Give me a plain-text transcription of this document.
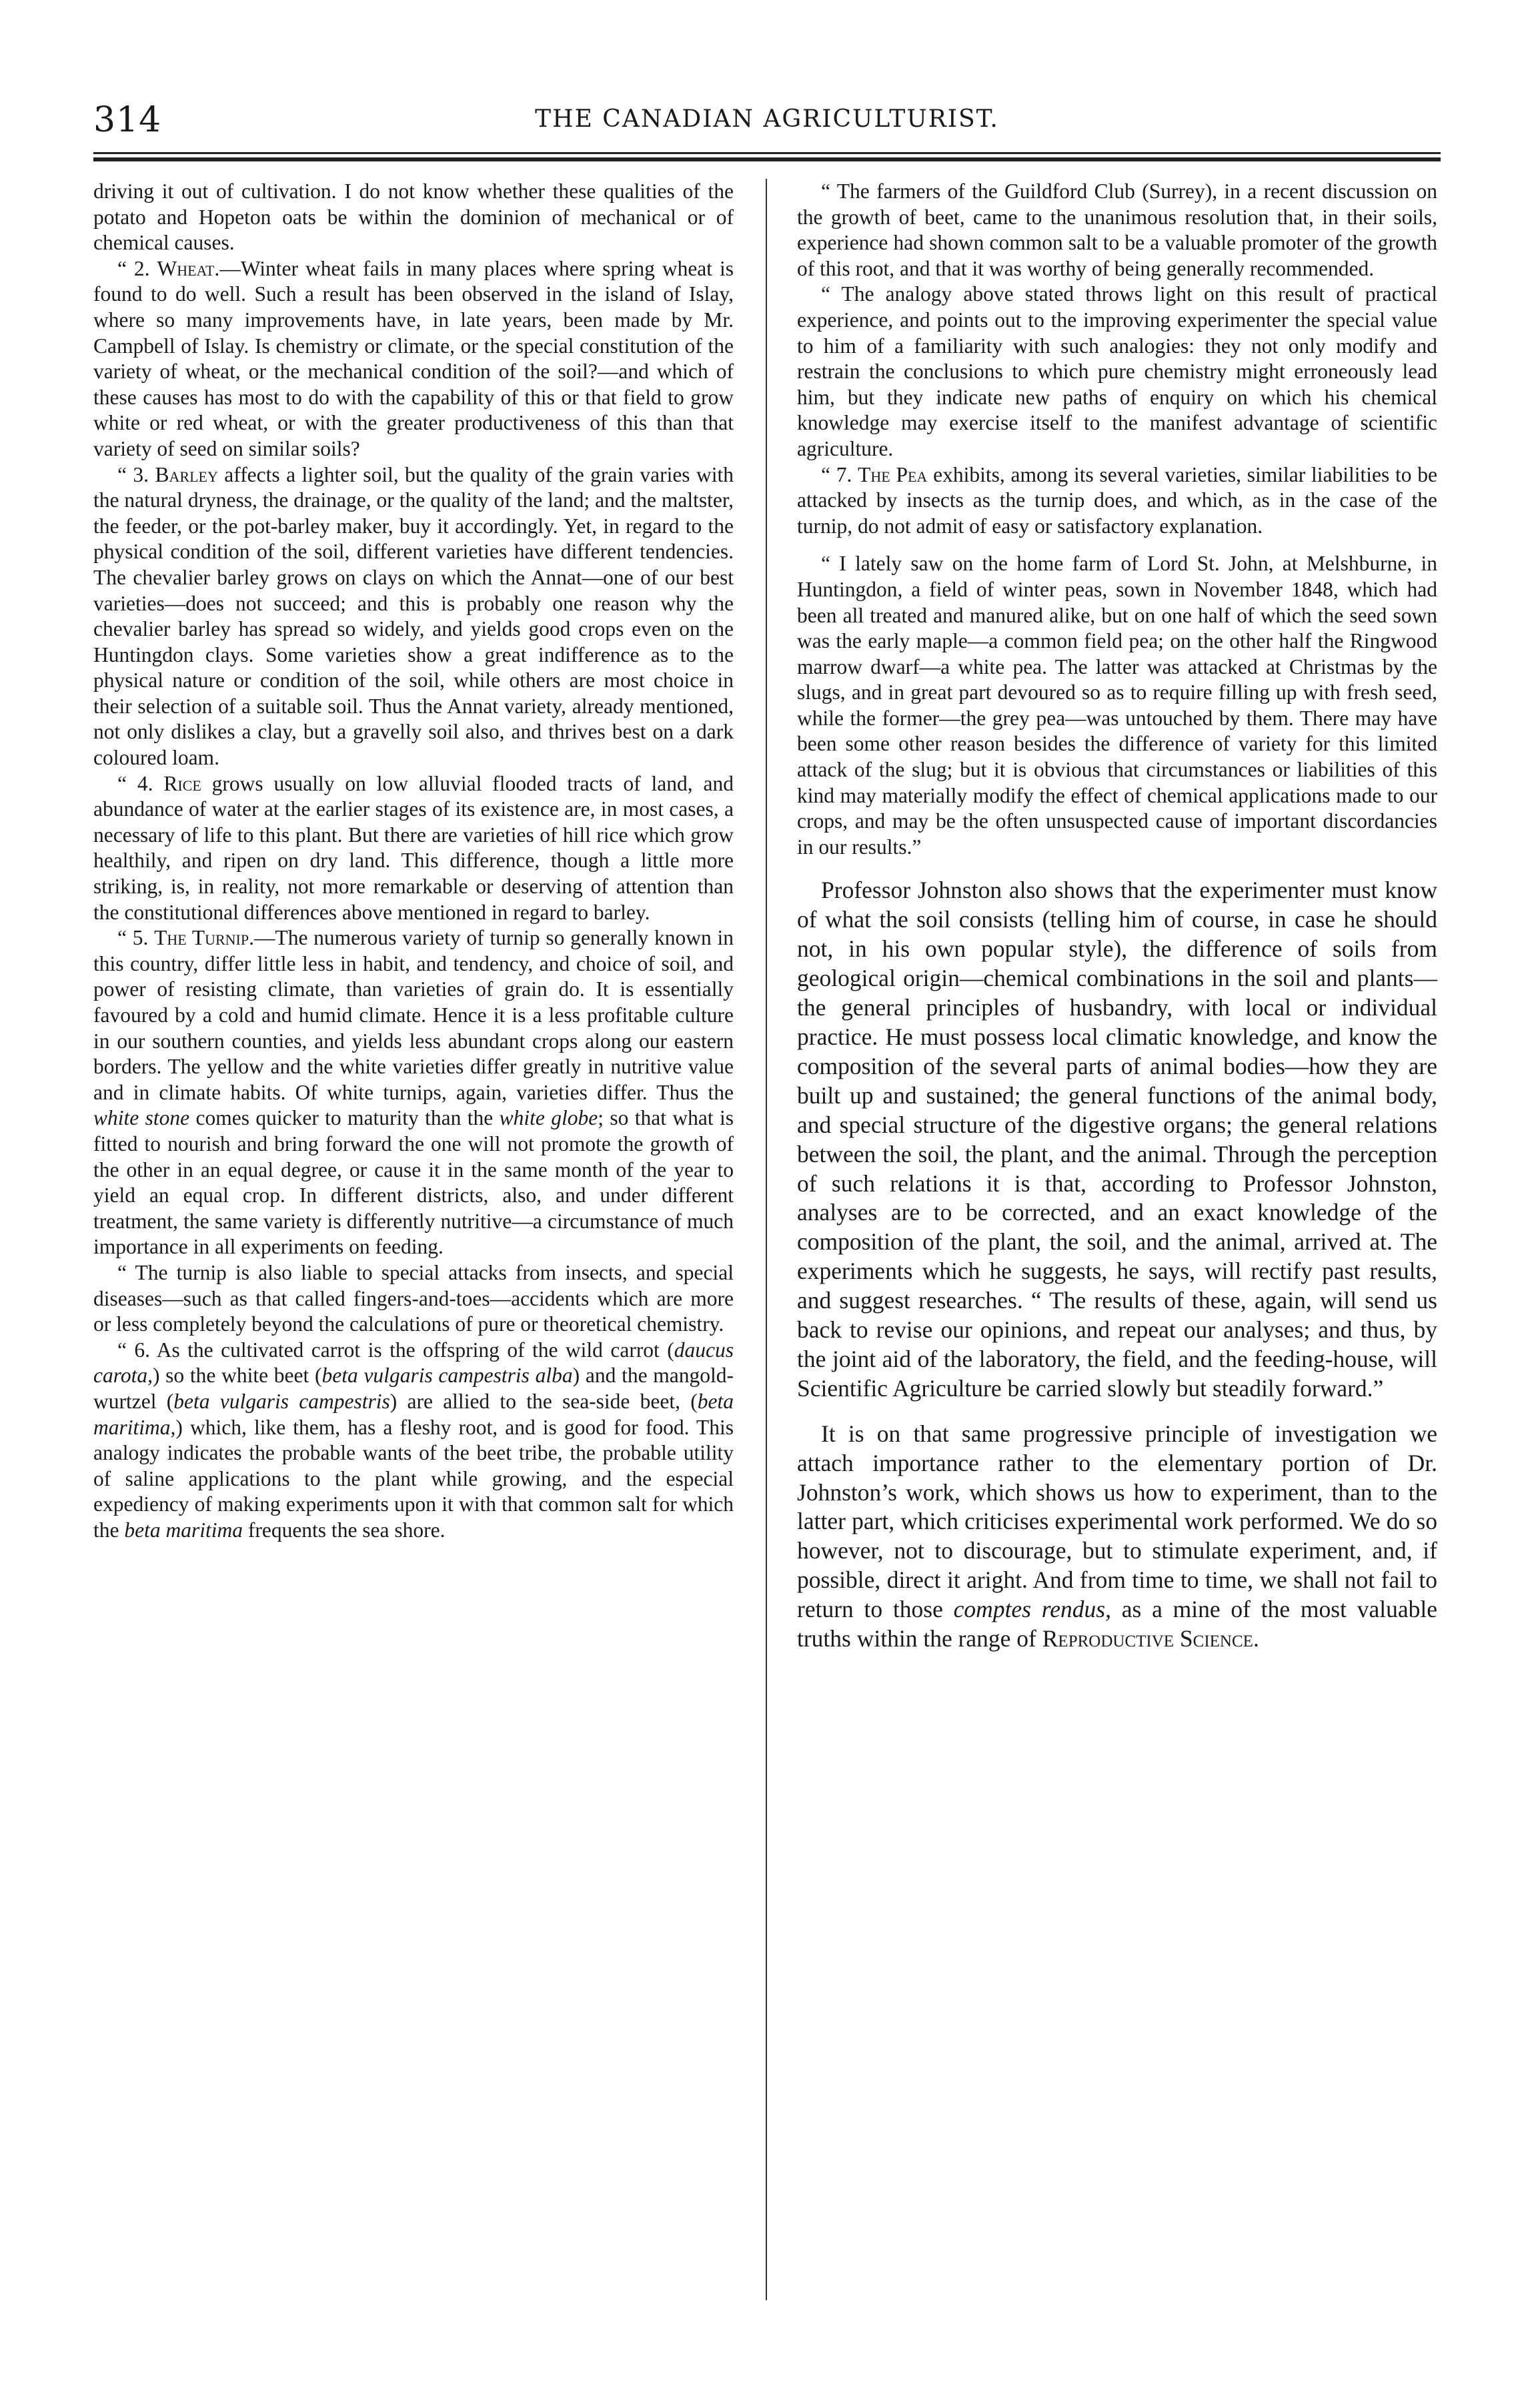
314	THE CANADIAN AGRICULTURIST.

driving it out of cultivation. I do not know whether these qualities of the potato and Hopeton oats be within the dominion of mechanical or of chemical causes.

“ 2. Wheat.—Winter wheat fails in many places where spring wheat is found to do well. Such a result has been observed in the island of Islay, where so many improvements have, in late years, been made by Mr. Campbell of Islay. Is chemistry or climate, or the special constitution of the variety of wheat, or the mechanical condition of the soil?—and which of these causes has most to do with the capability of this or that field to grow white or red wheat, or with the greater productiveness of this than that variety of seed on similar soils?

“ 3. Barley affects a lighter soil, but the quality of the grain varies with the natural dryness, the drainage, or the quality of the land; and the maltster, the feeder, or the pot-barley maker, buy it accordingly. Yet, in regard to the physical condition of the soil, different varieties have different tendencies. The chevalier barley grows on clays on which the Annat—one of our best varieties—does not succeed; and this is probably one reason why the chevalier barley has spread so widely, and yields good crops even on the Huntingdon clays. Some varieties show a great indifference as to the physical nature or condition of the soil, while others are most choice in their selection of a suitable soil. Thus the Annat variety, already mentioned, not only dislikes a clay, but a gravelly soil also, and thrives best on a dark coloured loam.

“ 4. Rice grows usually on low alluvial flooded tracts of land, and abundance of water at the earlier stages of its existence are, in most cases, a necessary of life to this plant. But there are varieties of hill rice which grow healthily, and ripen on dry land. This difference, though a little more striking, is, in reality, not more remarkable or deserving of attention than the constitutional differences above mentioned in regard to barley.

“ 5. The Turnip.—The numerous variety of turnip so generally known in this country, differ little less in habit, and tendency, and choice of soil, and power of resisting climate, than varieties of grain do. It is essentially favoured by a cold and humid climate. Hence it is a less profitable culture in our southern counties, and yields less abundant crops along our eastern borders. The yellow and the white varieties differ greatly in nutritive value and in climate habits. Of white turnips, again, varieties differ. Thus the white stone comes quicker to maturity than the white globe; so that what is fitted to nourish and bring forward the one will not promote the growth of the other in an equal degree, or cause it in the same month of the year to yield an equal crop. In different districts, also, and under different treatment, the same variety is differently nutritive—a circumstance of much importance in all experiments on feeding.

“ The turnip is also liable to special attacks from insects, and special diseases—such as that called fingers-and-toes—accidents which are more or less completely beyond the calculations of pure or theoretical chemistry.

“ 6. As the cultivated carrot is the offspring of the wild carrot (daucus carota,) so the white beet (beta vulgaris campestris alba) and the mangold-wurtzel (beta vulgaris campestris) are allied to the sea-side beet, (beta maritima,) which, like them, has a fleshy root, and is good for food. This analogy indicates the probable wants of the beet tribe, the probable utility of saline applications to the plant while growing, and the especial expediency of making experiments upon it with that common salt for which the beta maritima frequents the sea shore.

“ The farmers of the Guildford Club (Surrey), in a recent discussion on the growth of beet, came to the unanimous resolution that, in their soils, experience had shown common salt to be a valuable promoter of the growth of this root, and that it was worthy of being generally recommended.

“ The analogy above stated throws light on this result of practical experience, and points out to the improving experimenter the special value to him of a familiarity with such analogies: they not only modify and restrain the conclusions to which pure chemistry might erroneously lead him, but they indicate new paths of enquiry on which his chemical knowledge may exercise itself to the manifest advantage of scientific agriculture.

“ 7. The Pea exhibits, among its several varieties, similar liabilities to be attacked by insects as the turnip does, and which, as in the case of the turnip, do not admit of easy or satisfactory explanation.

“ I lately saw on the home farm of Lord St. John, at Melshburne, in Huntingdon, a field of winter peas, sown in November 1848, which had been all treated and manured alike, but on one half of which the seed sown was the early maple—a common field pea; on the other half the Ringwood marrow dwarf—a white pea. The latter was attacked at Christmas by the slugs, and in great part devoured so as to require filling up with fresh seed, while the former—the grey pea—was untouched by them. There may have been some other reason besides the difference of variety for this limited attack of the slug; but it is obvious that circumstances or liabilities of this kind may materially modify the effect of chemical applications made to our crops, and may be the often unsuspected cause of important discordancies in our results.”

Professor Johnston also shows that the experimenter must know of what the soil consists (telling him of course, in case he should not, in his own popular style), the difference of soils from geological origin—chemical combinations in the soil and plants—the general principles of husbandry, with local or individual practice. He must possess local climatic knowledge, and know the composition of the several parts of animal bodies—how they are built up and sustained; the general functions of the animal body, and special structure of the digestive organs; the general relations between the soil, the plant, and the animal. Through the perception of such relations it is that, according to Professor Johnston, analyses are to be corrected, and an exact knowledge of the composition of the plant, the soil, and the animal, arrived at. The experiments which he suggests, he says, will rectify past results, and suggest researches. “ The results of these, again, will send us back to revise our opinions, and repeat our analyses; and thus, by the joint aid of the laboratory, the field, and the feeding-house, will Scientific Agriculture be carried slowly but steadily forward.”

It is on that same progressive principle of investigation we attach importance rather to the elementary portion of Dr. Johnston’s work, which shows us how to experiment, than to the latter part, which criticises experimental work performed. We do so however, not to discourage, but to stimulate experiment, and, if possible, direct it aright. And from time to time, we shall not fail to return to those comptes rendus, as a mine of the most valuable truths within the range of Reproductive Science.
